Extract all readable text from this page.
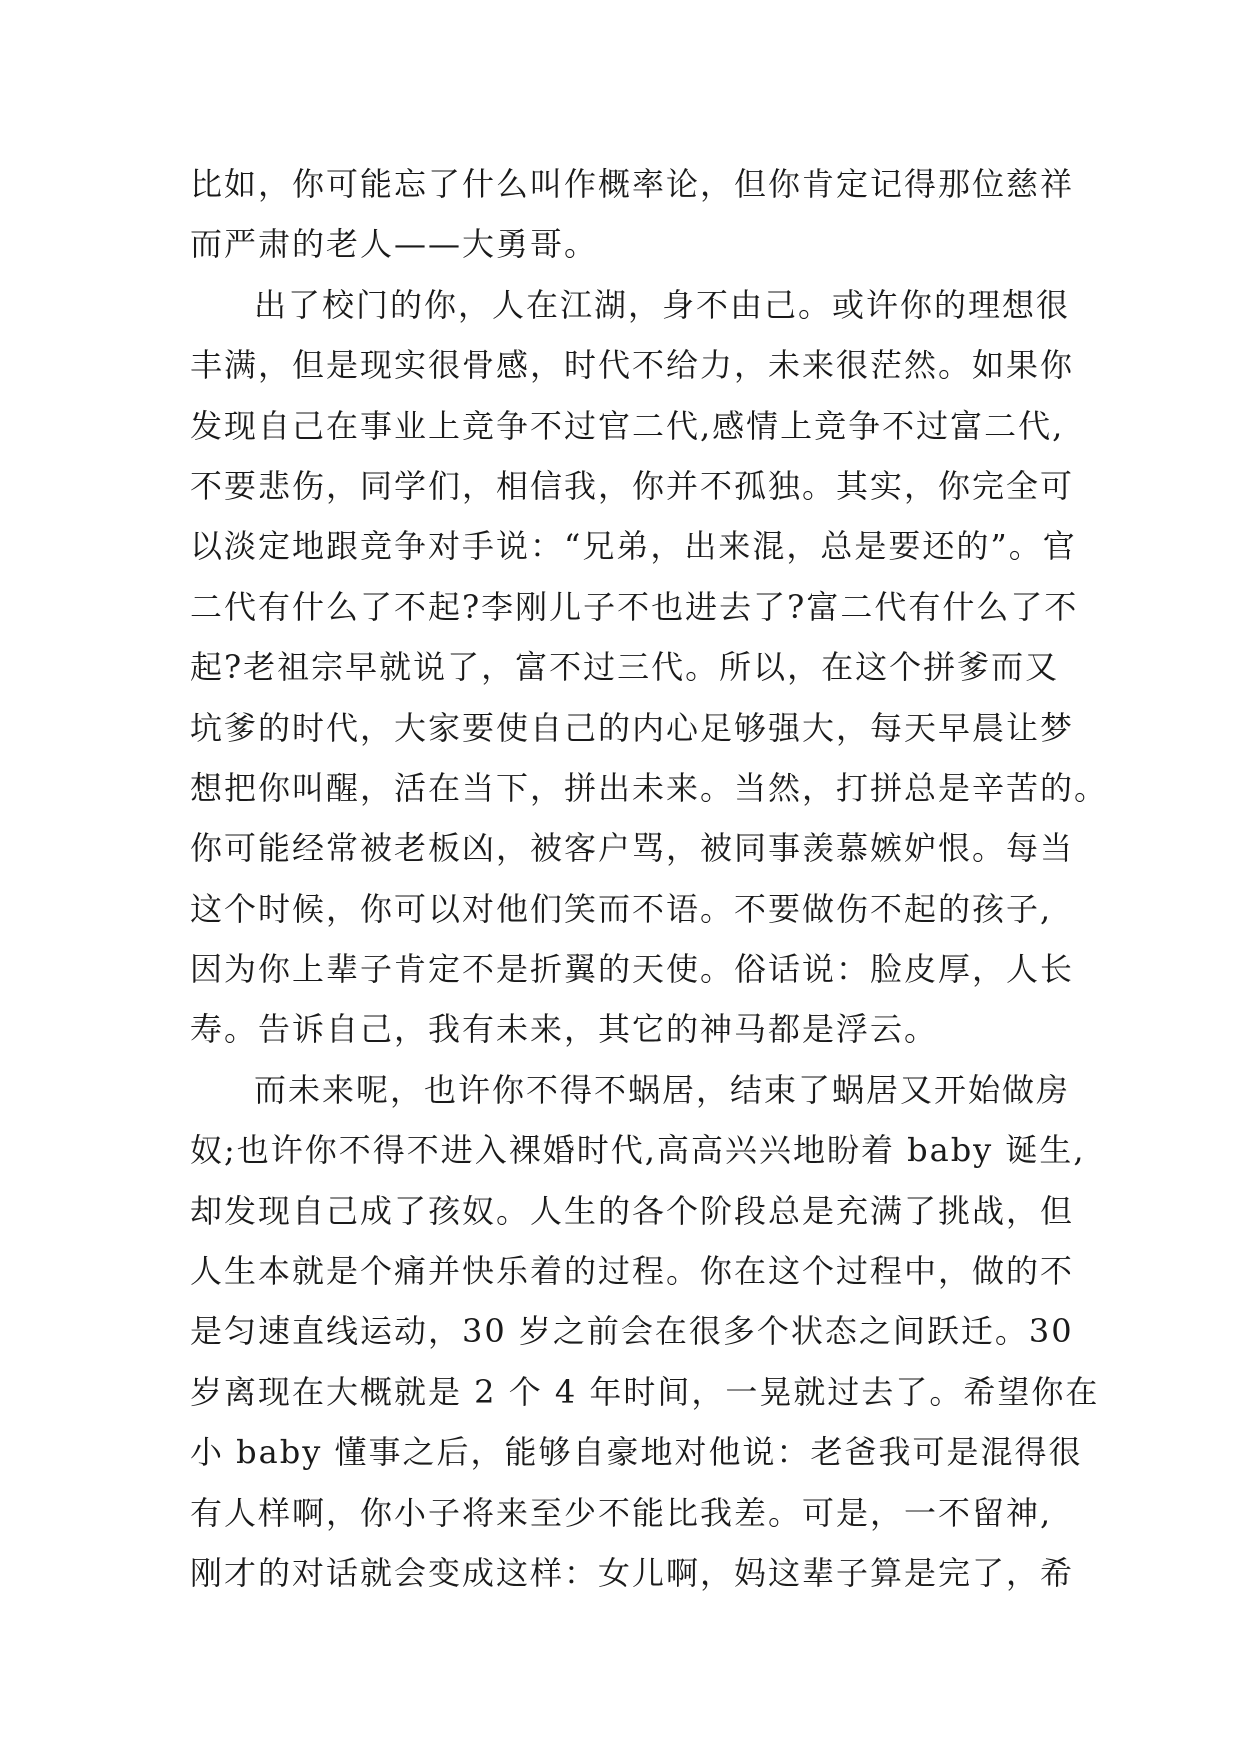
比如，你可能忘了什么叫作概率论，但你肯定记得那位慈祥
而严肃的老人——大勇哥。
出了校门的你，人在江湖，身不由己。或许你的理想很
丰满，但是现实很骨感，时代不给力，未来很茫然。如果你
发现自己在事业上竞争不过官二代,感情上竞争不过富二代,
不要悲伤，同学们，相信我，你并不孤独。其实，你完全可
以淡定地跟竞争对手说：“兄弟，出来混，总是要还的”。官
二代有什么了不起?李刚儿子不也进去了?富二代有什么了不
起?老祖宗早就说了，富不过三代。所以，在这个拼爹而又
坑爹的时代，大家要使自己的内心足够强大，每天早晨让梦
想把你叫醒，活在当下，拼出未来。当然，打拼总是辛苦的。
你可能经常被老板凶，被客户骂，被同事羡慕嫉妒恨。每当
这个时候，你可以对他们笑而不语。不要做伤不起的孩子,
因为你上辈子肯定不是折翼的天使。俗话说：脸皮厚，人长
寿。告诉自己，我有未来，其它的神马都是浮云。
而未来呢，也许你不得不蜗居，结束了蜗居又开始做房
奴;也许你不得不进入裸婚时代,高高兴兴地盼着 baby 诞生,
却发现自己成了孩奴。人生的各个阶段总是充满了挑战，但
人生本就是个痛并快乐着的过程。你在这个过程中，做的不
是匀速直线运动，30 岁之前会在很多个状态之间跃迁。30
岁离现在大概就是 2 个 4 年时间，一晃就过去了。希望你在
小 baby 懂事之后，能够自豪地对他说：老爸我可是混得很
有人样啊，你小子将来至少不能比我差。可是，一不留神,
刚才的对话就会变成这样：女儿啊，妈这辈子算是完了，希
